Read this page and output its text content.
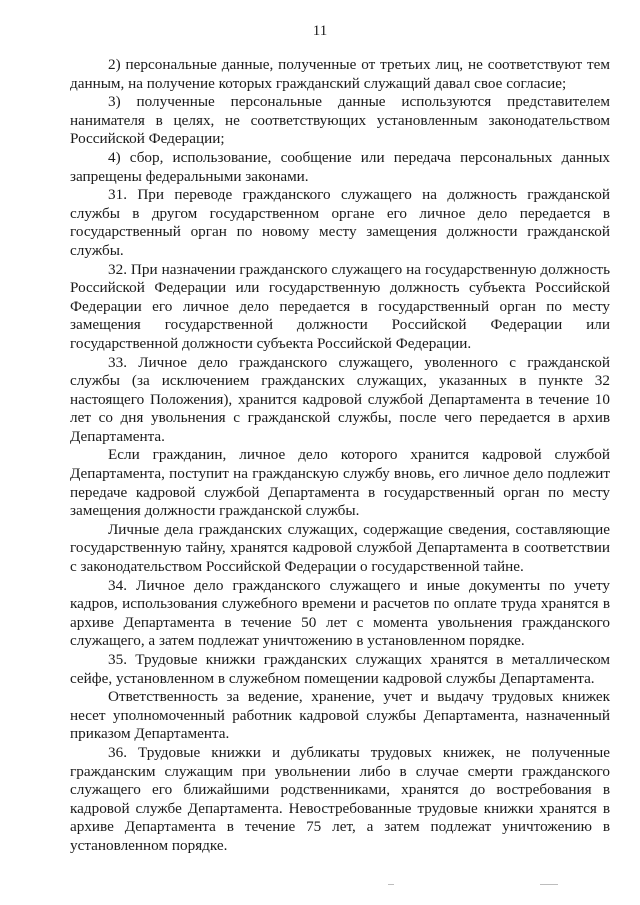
11

2) персональные данные, полученные от третьих лиц, не соответствуют тем данным, на получение которых гражданский служащий давал свое согласие;

3) полученные персональные данные используются представителем нанимателя в целях, не соответствующих установленным законодательством Российской Федерации;

4) сбор, использование, сообщение или передача персональных данных запрещены федеральными законами.

31. При переводе гражданского служащего на должность гражданской службы в другом государственном органе его личное дело передается в государственный орган по новому месту замещения должности гражданской службы.

32. При назначении гражданского служащего на государственную должность Российской Федерации или государственную должность субъекта Российской Федерации его личное дело передается в государственный орган по месту замещения государственной должности Российской Федерации или государственной должности субъекта Российской Федерации.

33. Личное дело гражданского служащего, уволенного с гражданской службы (за исключением гражданских служащих, указанных в пункте 32 настоящего Положения), хранится кадровой службой Департамента в течение 10 лет со дня увольнения с гражданской службы, после чего передается в архив Департамента.

Если гражданин, личное дело которого хранится кадровой службой Департамента, поступит на гражданскую службу вновь, его личное дело подлежит передаче кадровой службой Департамента в государственный орган по месту замещения должности гражданской службы.

Личные дела гражданских служащих, содержащие сведения, составляющие государственную тайну, хранятся кадровой службой Департамента в соответствии с законодательством Российской Федерации о государственной тайне.

34. Личное дело гражданского служащего и иные документы по учету кадров, использования служебного времени и расчетов по оплате труда хранятся в архиве Департамента в течение 50 лет с момента увольнения гражданского служащего, а затем подлежат уничтожению в установленном порядке.

35. Трудовые книжки гражданских служащих хранятся в металлическом сейфе, установленном в служебном помещении кадровой службы Департамента.

Ответственность за ведение, хранение, учет и выдачу трудовых книжек несет уполномоченный работник кадровой службы Департамента, назначенный приказом Департамента.

36. Трудовые книжки и дубликаты трудовых книжек, не полученные гражданским служащим при увольнении либо в случае смерти гражданского служащего его ближайшими родственниками, хранятся до востребования в кадровой службе Департамента. Невостребованные трудовые книжки хранятся в архиве Департамента в течение 75 лет, а затем подлежат уничтожению в установленном порядке.
